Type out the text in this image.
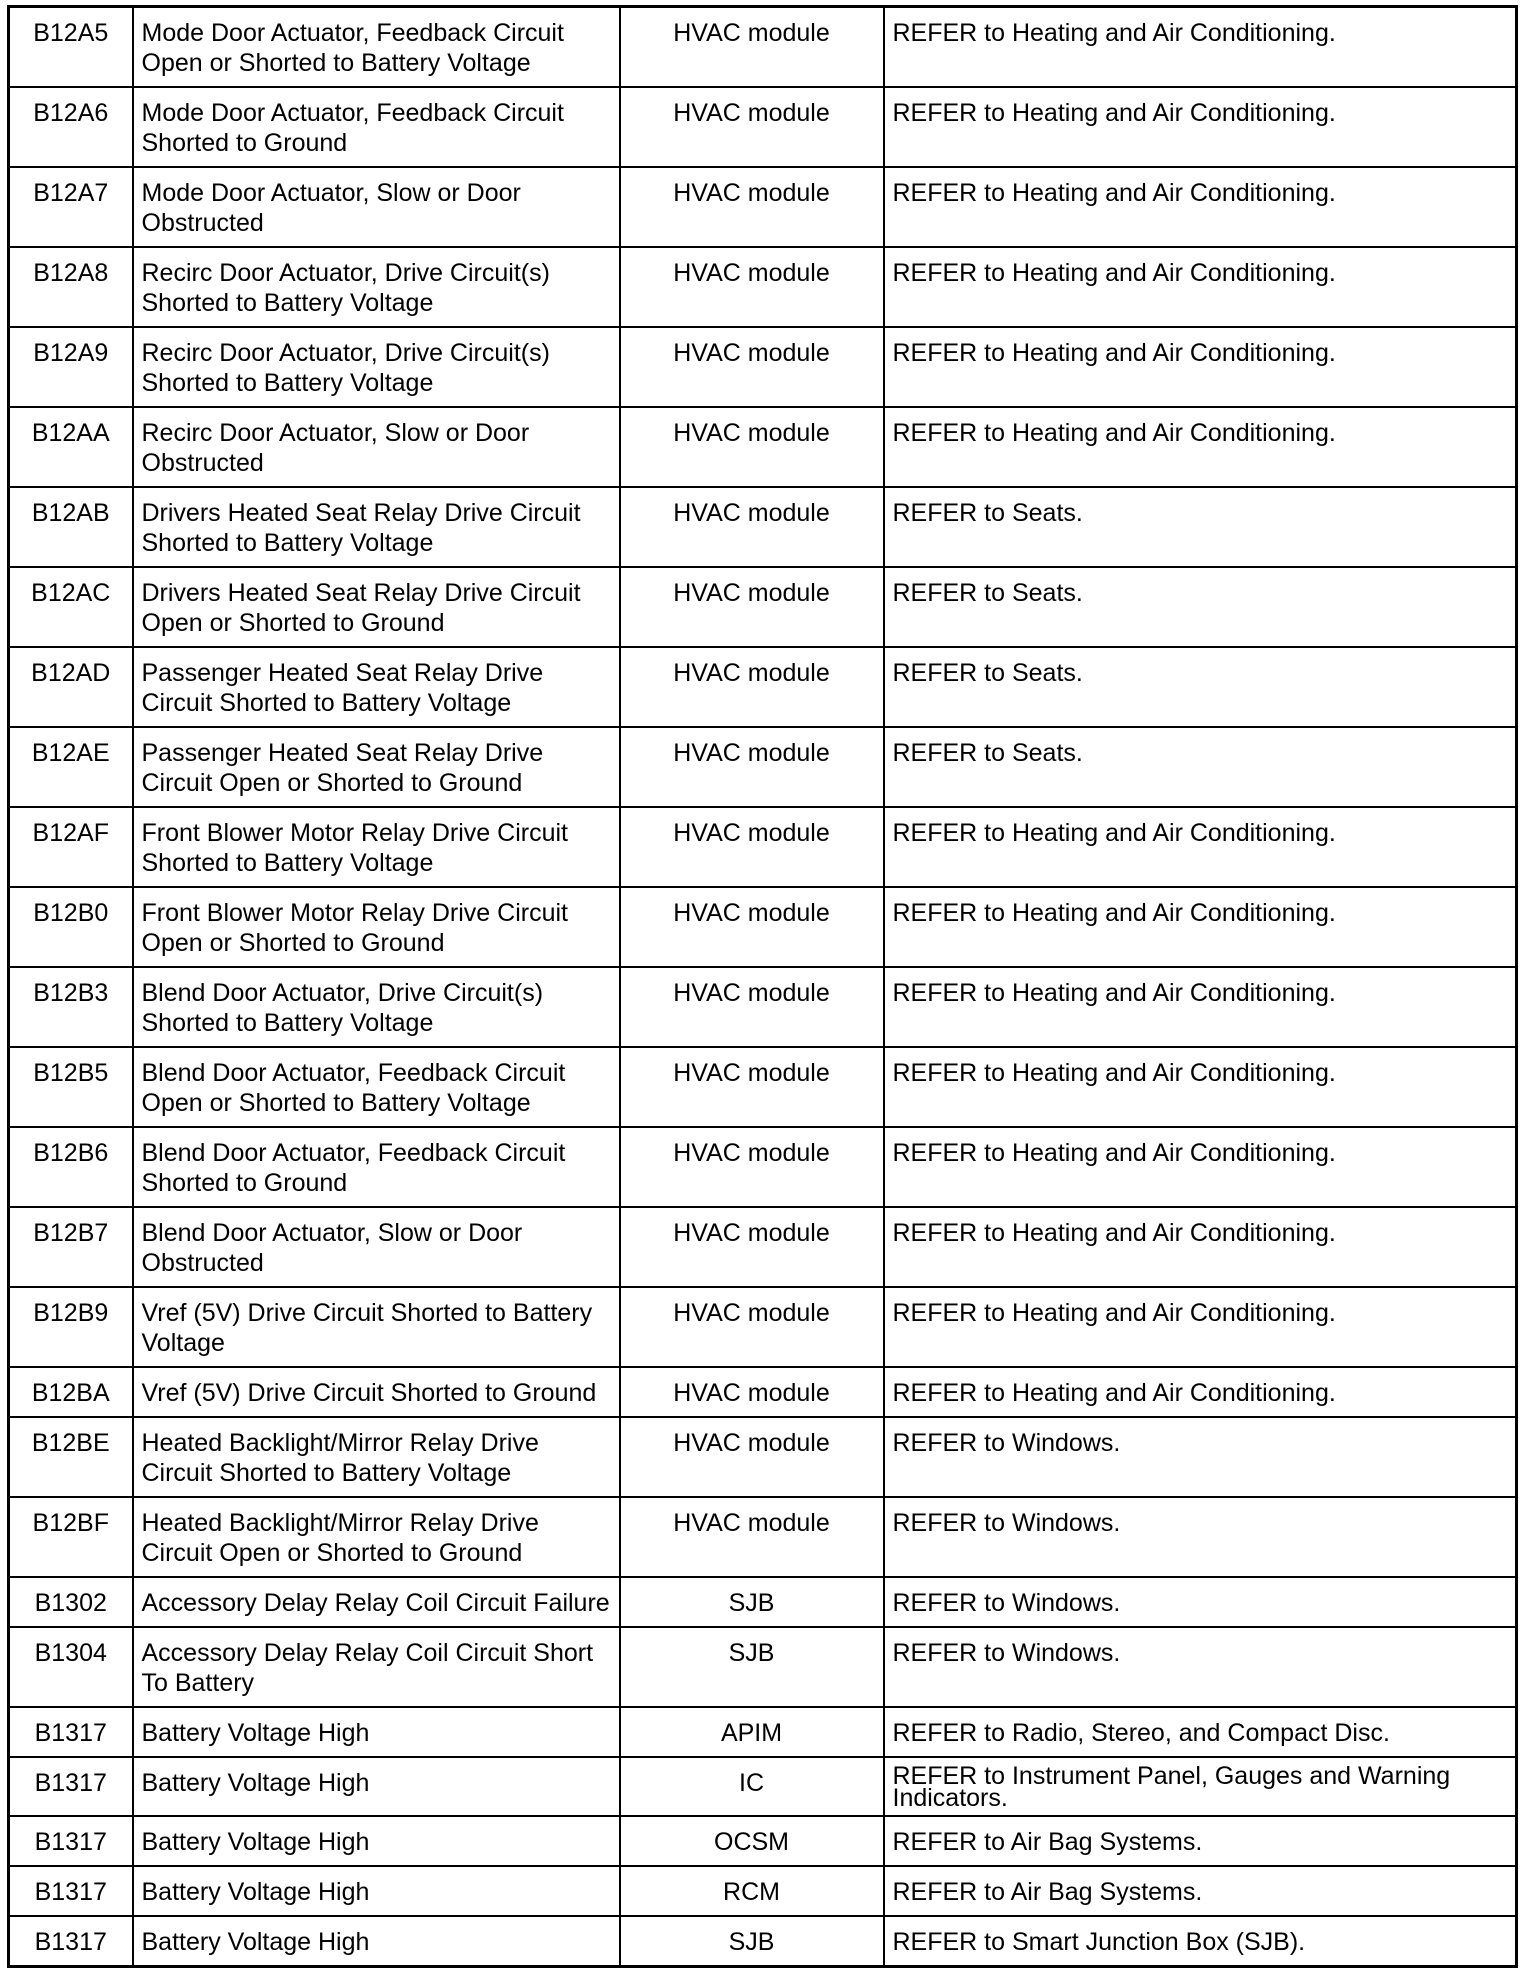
B12A5	Mode Door Actuator, Feedback Circuit Open or Shorted to Battery Voltage	HVAC module	REFER to Heating and Air Conditioning.
B12A6	Mode Door Actuator, Feedback Circuit Shorted to Ground	HVAC module	REFER to Heating and Air Conditioning.
B12A7	Mode Door Actuator, Slow or Door Obstructed	HVAC module	REFER to Heating and Air Conditioning.
B12A8	Recirc Door Actuator, Drive Circuit(s) Shorted to Battery Voltage	HVAC module	REFER to Heating and Air Conditioning.
B12A9	Recirc Door Actuator, Drive Circuit(s) Shorted to Battery Voltage	HVAC module	REFER to Heating and Air Conditioning.
B12AA	Recirc Door Actuator, Slow or Door Obstructed	HVAC module	REFER to Heating and Air Conditioning.
B12AB	Drivers Heated Seat Relay Drive Circuit Shorted to Battery Voltage	HVAC module	REFER to Seats.
B12AC	Drivers Heated Seat Relay Drive Circuit Open or Shorted to Ground	HVAC module	REFER to Seats.
B12AD	Passenger Heated Seat Relay Drive Circuit Shorted to Battery Voltage	HVAC module	REFER to Seats.
B12AE	Passenger Heated Seat Relay Drive Circuit Open or Shorted to Ground	HVAC module	REFER to Seats.
B12AF	Front Blower Motor Relay Drive Circuit Shorted to Battery Voltage	HVAC module	REFER to Heating and Air Conditioning.
B12B0	Front Blower Motor Relay Drive Circuit Open or Shorted to Ground	HVAC module	REFER to Heating and Air Conditioning.
B12B3	Blend Door Actuator, Drive Circuit(s) Shorted to Battery Voltage	HVAC module	REFER to Heating and Air Conditioning.
B12B5	Blend Door Actuator, Feedback Circuit Open or Shorted to Battery Voltage	HVAC module	REFER to Heating and Air Conditioning.
B12B6	Blend Door Actuator, Feedback Circuit Shorted to Ground	HVAC module	REFER to Heating and Air Conditioning.
B12B7	Blend Door Actuator, Slow or Door Obstructed	HVAC module	REFER to Heating and Air Conditioning.
B12B9	Vref (5V) Drive Circuit Shorted to Battery Voltage	HVAC module	REFER to Heating and Air Conditioning.
B12BA	Vref (5V) Drive Circuit Shorted to Ground	HVAC module	REFER to Heating and Air Conditioning.
B12BE	Heated Backlight/Mirror Relay Drive Circuit Shorted to Battery Voltage	HVAC module	REFER to Windows.
B12BF	Heated Backlight/Mirror Relay Drive Circuit Open or Shorted to Ground	HVAC module	REFER to Windows.
B1302	Accessory Delay Relay Coil Circuit Failure	SJB	REFER to Windows.
B1304	Accessory Delay Relay Coil Circuit Short To Battery	SJB	REFER to Windows.
B1317	Battery Voltage High	APIM	REFER to Radio, Stereo, and Compact Disc.
B1317	Battery Voltage High	IC	REFER to Instrument Panel, Gauges and Warning Indicators.
B1317	Battery Voltage High	OCSM	REFER to Air Bag Systems.
B1317	Battery Voltage High	RCM	REFER to Air Bag Systems.
B1317	Battery Voltage High	SJB	REFER to Smart Junction Box (SJB).
